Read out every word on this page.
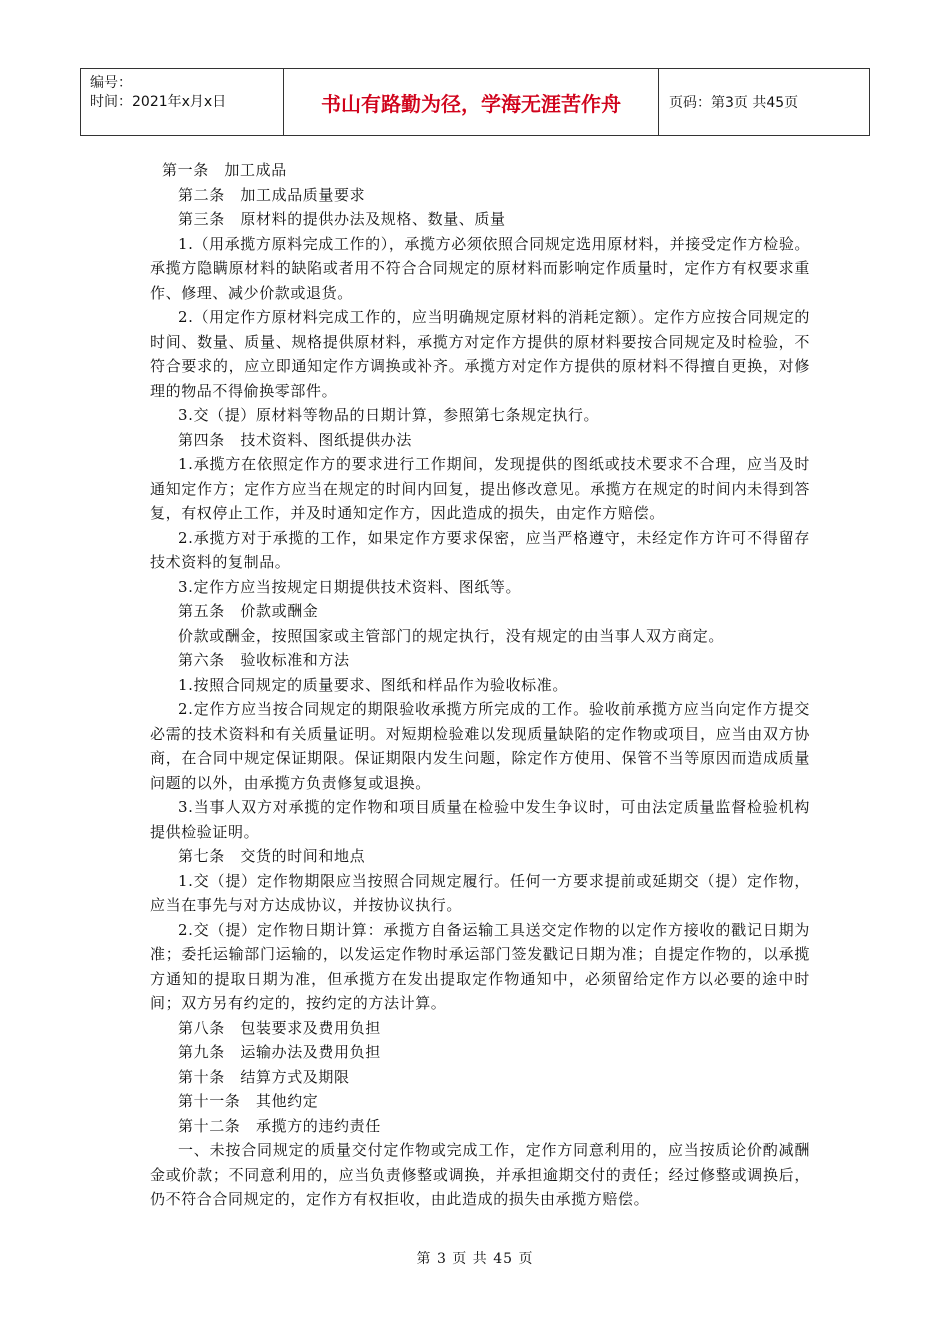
编号：
时间：2021年x月x日	书山有路勤为径，学海无涯苦作舟	页码：第3页 共45页

第一条　加工成品

第二条　加工成品质量要求

第三条　原材料的提供办法及规格、数量、质量

1.（用承揽方原料完成工作的），承揽方必须依照合同规定选用原材料，并接受定作方检验。承揽方隐瞒原材料的缺陷或者用不符合合同规定的原材料而影响定作质量时，定作方有权要求重作、修理、减少价款或退货。

2.（用定作方原材料完成工作的，应当明确规定原材料的消耗定额）。定作方应按合同规定的时间、数量、质量、规格提供原材料，承揽方对定作方提供的原材料要按合同规定及时检验，不符合要求的，应立即通知定作方调换或补齐。承揽方对定作方提供的原材料不得擅自更换，对修理的物品不得偷换零部件。

3.交（提）原材料等物品的日期计算，参照第七条规定执行。

第四条　技术资料、图纸提供办法

1.承揽方在依照定作方的要求进行工作期间，发现提供的图纸或技术要求不合理，应当及时通知定作方；定作方应当在规定的时间内回复，提出修改意见。承揽方在规定的时间内未得到答复，有权停止工作，并及时通知定作方，因此造成的损失，由定作方赔偿。

2.承揽方对于承揽的工作，如果定作方要求保密，应当严格遵守，未经定作方许可不得留存技术资料的复制品。

3.定作方应当按规定日期提供技术资料、图纸等。

第五条　价款或酬金

价款或酬金，按照国家或主管部门的规定执行，没有规定的由当事人双方商定。

第六条　验收标准和方法

1.按照合同规定的质量要求、图纸和样品作为验收标准。

2.定作方应当按合同规定的期限验收承揽方所完成的工作。验收前承揽方应当向定作方提交必需的技术资料和有关质量证明。对短期检验难以发现质量缺陷的定作物或项目，应当由双方协商，在合同中规定保证期限。保证期限内发生问题，除定作方使用、保管不当等原因而造成质量问题的以外，由承揽方负责修复或退换。

3.当事人双方对承揽的定作物和项目质量在检验中发生争议时，可由法定质量监督检验机构提供检验证明。

第七条　交货的时间和地点

1.交（提）定作物期限应当按照合同规定履行。任何一方要求提前或延期交（提）定作物，应当在事先与对方达成协议，并按协议执行。

2.交（提）定作物日期计算：承揽方自备运输工具送交定作物的以定作方接收的戳记日期为准；委托运输部门运输的，以发运定作物时承运部门签发戳记日期为准；自提定作物的，以承揽方通知的提取日期为准，但承揽方在发出提取定作物通知中，必须留给定作方以必要的途中时间；双方另有约定的，按约定的方法计算。

第八条　包装要求及费用负担

第九条　运输办法及费用负担

第十条　结算方式及期限

第十一条　其他约定

第十二条　承揽方的违约责任

一、未按合同规定的质量交付定作物或完成工作，定作方同意利用的，应当按质论价酌减酬金或价款；不同意利用的，应当负责修整或调换，并承担逾期交付的责任；经过修整或调换后，仍不符合合同规定的，定作方有权拒收，由此造成的损失由承揽方赔偿。

第 3 页 共 45 页
